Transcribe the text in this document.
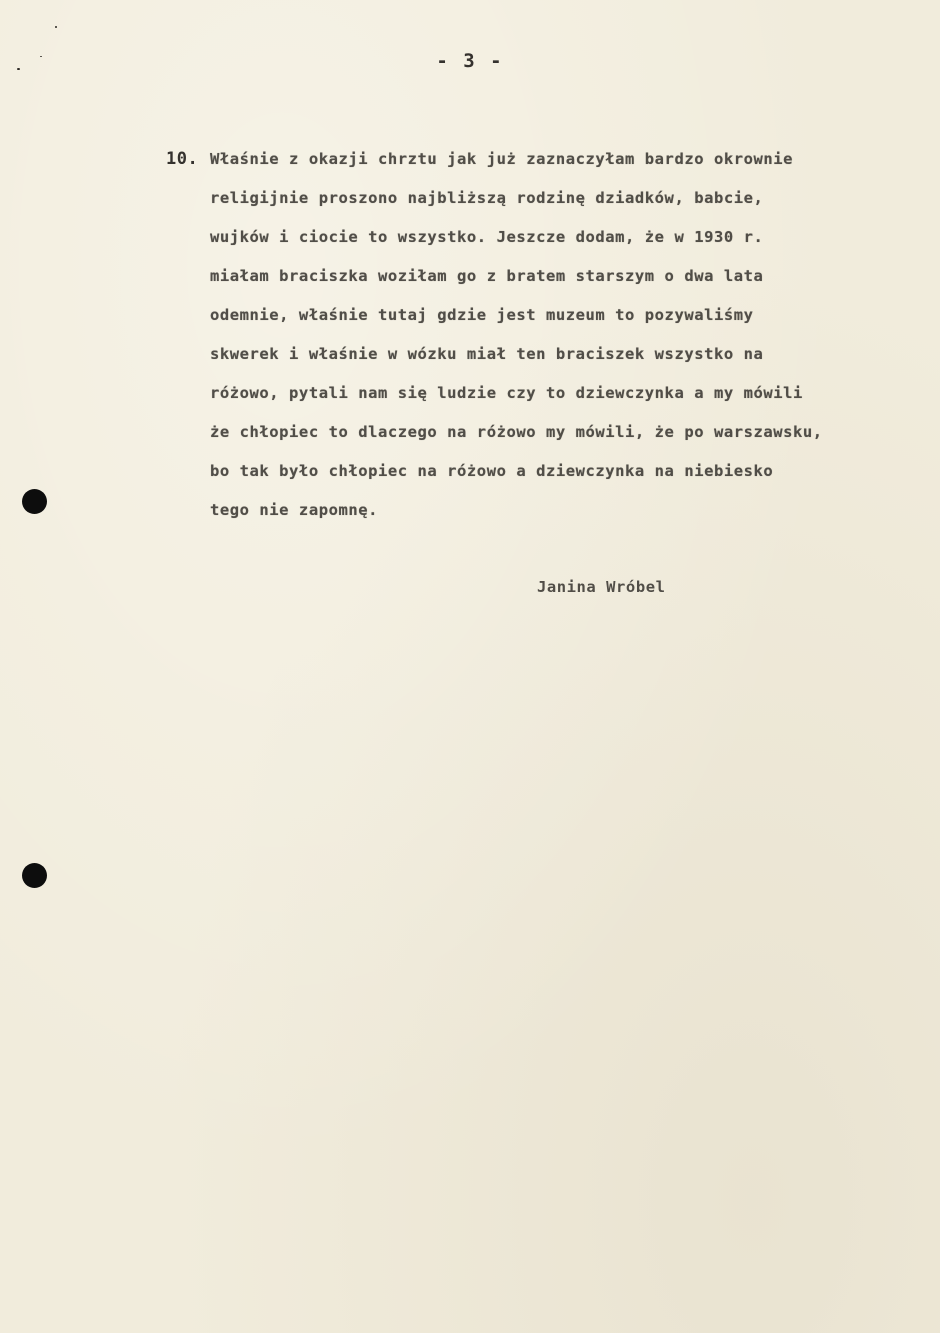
- 3 -
10. Właśnie z okazji chrztu jak już zaznaczyłam bardzo okrownie
religijnie proszono najbliższą rodzinę dziadków, babcie,
wujków i ciocie to wszystko. Jeszcze dodam, że w 1930 r.
miałam braciszka woziłam go z bratem starszym o dwa lata
odemnie, właśnie tutaj gdzie jest muzeum to pozywaliśmy
skwerek i właśnie w wózku miał ten braciszek wszystko na
różowo, pytali nam się ludzie czy to dziewczynka a my mówili
że chłopiec to dlaczego na różowo my mówili, że po warszawsku,
bo tak było chłopiec na różowo a dziewczynka na niebiesko
tego nie zapomnę.
Janina Wróbel
